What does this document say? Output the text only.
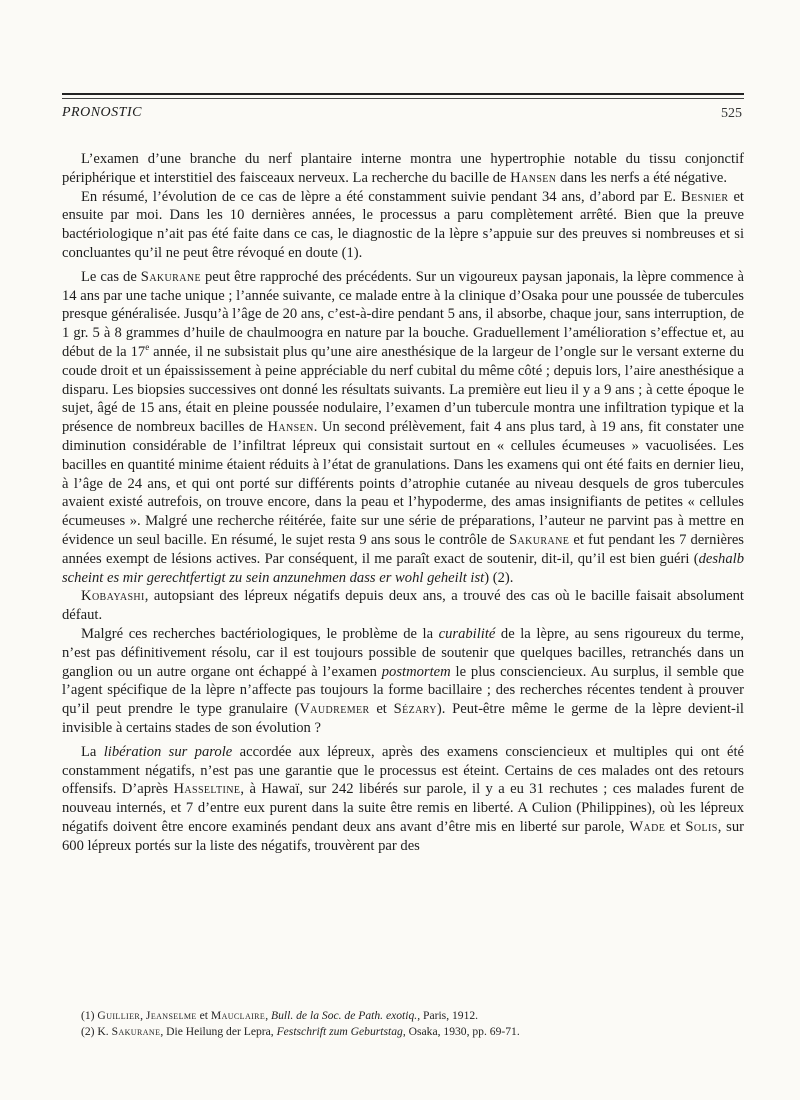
PRONOSTIC	525

L’examen d’une branche du nerf plantaire interne montra une hypertrophie notable du tissu conjonctif périphérique et interstitiel des faisceaux nerveux. La recherche du bacille de Hansen dans les nerfs a été négative.

En résumé, l’évolution de ce cas de lèpre a été constamment suivie pendant 34 ans, d’abord par E. Besnier et ensuite par moi. Dans les 10 dernières années, le processus a paru complètement arrêté. Bien que la preuve bactériologique n’ait pas été faite dans ce cas, le diagnostic de la lèpre s’appuie sur des preuves si nombreuses et si concluantes qu’il ne peut être révoqué en doute (1).

Le cas de Sakurane peut être rapproché des précédents. Sur un vigoureux paysan japonais, la lèpre commence à 14 ans par une tache unique ; l’année suivante, ce malade entre à la clinique d’Osaka pour une poussée de tubercules presque généralisée. Jusqu’à l’âge de 20 ans, c’est-à-dire pendant 5 ans, il absorbe, chaque jour, sans interruption, de 1 gr. 5 à 8 grammes d’huile de chaulmoogra en nature par la bouche. Graduellement l’amélioration s’effectue et, au début de la 17e année, il ne subsistait plus qu’une aire anesthésique de la largeur de l’ongle sur le versant externe du coude droit et un épaississement à peine appréciable du nerf cubital du même côté ; depuis lors, l’aire anesthésique a disparu. Les biopsies successives ont donné les résultats suivants. La première eut lieu il y a 9 ans ; à cette époque le sujet, âgé de 15 ans, était en pleine poussée nodulaire, l’examen d’un tubercule montra une infiltration typique et la présence de nombreux bacilles de Hansen. Un second prélèvement, fait 4 ans plus tard, à 19 ans, fit constater une diminution considérable de l’infiltrat lépreux qui consistait surtout en « cellules écumeuses » vacuolisées. Les bacilles en quantité minime étaient réduits à l’état de granulations. Dans les examens qui ont été faits en dernier lieu, à l’âge de 24 ans, et qui ont porté sur différents points d’atrophie cutanée au niveau desquels de gros tubercules avaient existé autrefois, on trouve encore, dans la peau et l’hypoderme, des amas insignifiants de petites « cellules écumeuses ». Malgré une recherche réitérée, faite sur une série de préparations, l’auteur ne parvint pas à mettre en évidence un seul bacille. En résumé, le sujet resta 9 ans sous le contrôle de Sakurane et fut pendant les 7 dernières années exempt de lésions actives. Par conséquent, il me paraît exact de soutenir, dit-il, qu’il est bien guéri (deshalb scheint es mir gerechtfertigt zu sein anzunehmen dass er wohl geheilt ist) (2).

Kobayashi, autopsiant des lépreux négatifs depuis deux ans, a trouvé des cas où le bacille faisait absolument défaut.

Malgré ces recherches bactériologiques, le problème de la curabilité de la lèpre, au sens rigoureux du terme, n’est pas définitivement résolu, car il est toujours possible de soutenir que quelques bacilles, retranchés dans un ganglion ou un autre organe ont échappé à l’examen postmortem le plus consciencieux. Au surplus, il semble que l’agent spécifique de la lèpre n’affecte pas toujours la forme bacillaire ; des recherches récentes tendent à prouver qu’il peut prendre le type granulaire (Vaudremer et Sézary). Peut-être même le germe de la lèpre devient-il invisible à certains stades de son évolution ?

La libération sur parole accordée aux lépreux, après des examens consciencieux et multiples qui ont été constamment négatifs, n’est pas une garantie que le processus est éteint. Certains de ces malades ont des retours offensifs. D’après Hasseltine, à Hawaï, sur 242 libérés sur parole, il y a eu 31 rechutes ; ces malades furent de nouveau internés, et 7 d’entre eux purent dans la suite être remis en liberté. A Culion (Philippines), où les lépreux négatifs doivent être encore examinés pendant deux ans avant d’être mis en liberté sur parole, Wade et Solis, sur 600 lépreux portés sur la liste des négatifs, trouvèrent par des

(1) Guillier, Jeanselme et Mauclaire, Bull. de la Soc. de Path. exotiq., Paris, 1912.

(2) K. Sakurane, Die Heilung der Lepra, Festschrift zum Geburtstag, Osaka, 1930, pp. 69-71.
